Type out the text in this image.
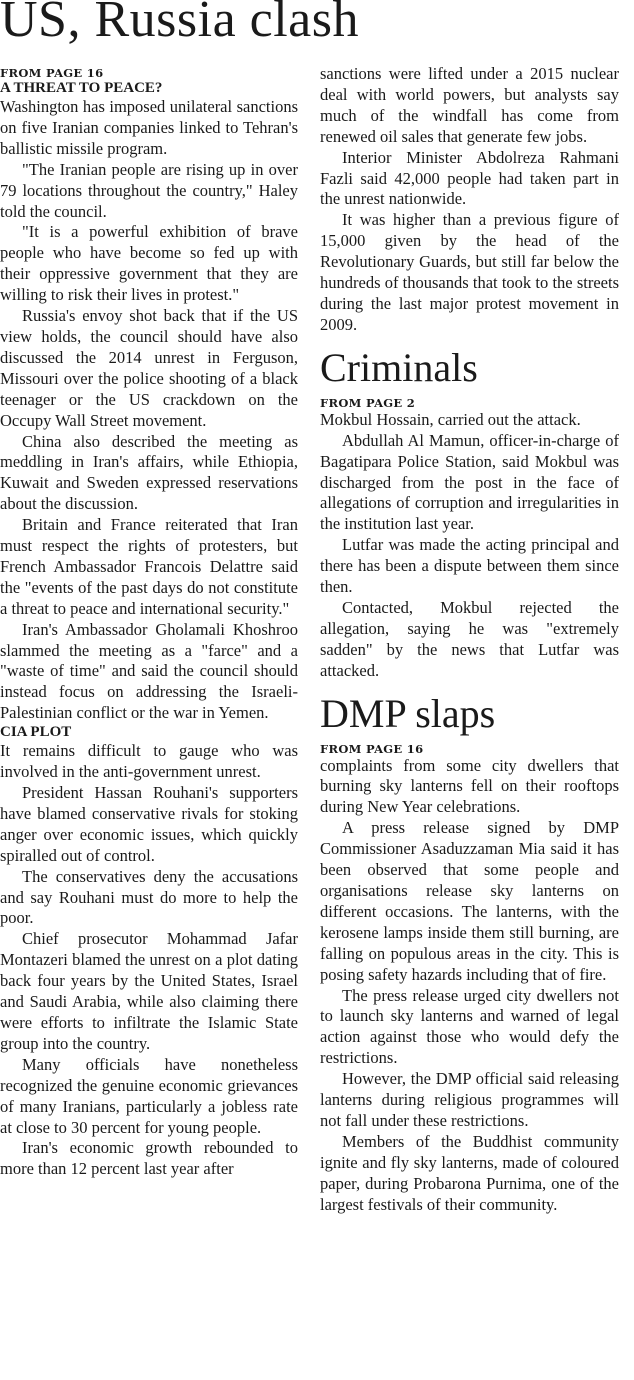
US, Russia clash
FROM PAGE 16
A THREAT TO PEACE?

Washington has imposed unilateral sanctions on five Iranian companies linked to Tehran's ballistic missile program.

"The Iranian people are rising up in over 79 locations throughout the country," Haley told the council.

"It is a powerful exhibition of brave people who have become so fed up with their oppressive government that they are willing to risk their lives in protest."

Russia's envoy shot back that if the US view holds, the council should have also discussed the 2014 unrest in Ferguson, Missouri over the police shooting of a black teenager or the US crackdown on the Occupy Wall Street movement.

China also described the meeting as meddling in Iran's affairs, while Ethiopia, Kuwait and Sweden expressed reservations about the discussion.

Britain and France reiterated that Iran must respect the rights of protesters, but French Ambassador Francois Delattre said the "events of the past days do not constitute a threat to peace and international security."

Iran's Ambassador Gholamali Khoshroo slammed the meeting as a "farce" and a "waste of time" and said the council should instead focus on addressing the Israeli-Palestinian conflict or the war in Yemen.

CIA PLOT

It remains difficult to gauge who was involved in the anti-government unrest.

President Hassan Rouhani's supporters have blamed conservative rivals for stoking anger over economic issues, which quickly spiralled out of control.

The conservatives deny the accusations and say Rouhani must do more to help the poor.

Chief prosecutor Mohammad Jafar Montazeri blamed the unrest on a plot dating back four years by the United States, Israel and Saudi Arabia, while also claiming there were efforts to infiltrate the Islamic State group into the country.

Many officials have nonetheless recognized the genuine economic grievances of many Iranians, particularly a jobless rate at close to 30 percent for young people.

Iran's economic growth rebounded to more than 12 percent last year after

sanctions were lifted under a 2015 nuclear deal with world powers, but analysts say much of the windfall has come from renewed oil sales that generate few jobs.

Interior Minister Abdolreza Rahmani Fazli said 42,000 people had taken part in the unrest nationwide.

It was higher than a previous figure of 15,000 given by the head of the Revolutionary Guards, but still far below the hundreds of thousands that took to the streets during the last major protest movement in 2009.

Criminals
FROM PAGE 2

Mokbul Hossain, carried out the attack.

Abdullah Al Mamun, officer-in-charge of Bagatipara Police Station, said Mokbul was discharged from the post in the face of allegations of corruption and irregularities in the institution last year.

Lutfar was made the acting principal and there has been a dispute between them since then.

Contacted, Mokbul rejected the allegation, saying he was "extremely sadden" by the news that Lutfar was attacked.

DMP slaps
FROM PAGE 16

complaints from some city dwellers that burning sky lanterns fell on their rooftops during New Year celebrations.

A press release signed by DMP Commissioner Asaduzzaman Mia said it has been observed that some people and organisations release sky lanterns on different occasions. The lanterns, with the kerosene lamps inside them still burning, are falling on populous areas in the city. This is posing safety hazards including that of fire.

The press release urged city dwellers not to launch sky lanterns and warned of legal action against those who would defy the restrictions.

However, the DMP official said releasing lanterns during religious programmes will not fall under these restrictions.

Members of the Buddhist community ignite and fly sky lanterns, made of coloured paper, during Probarona Purnima, one of the largest festivals of their community.
